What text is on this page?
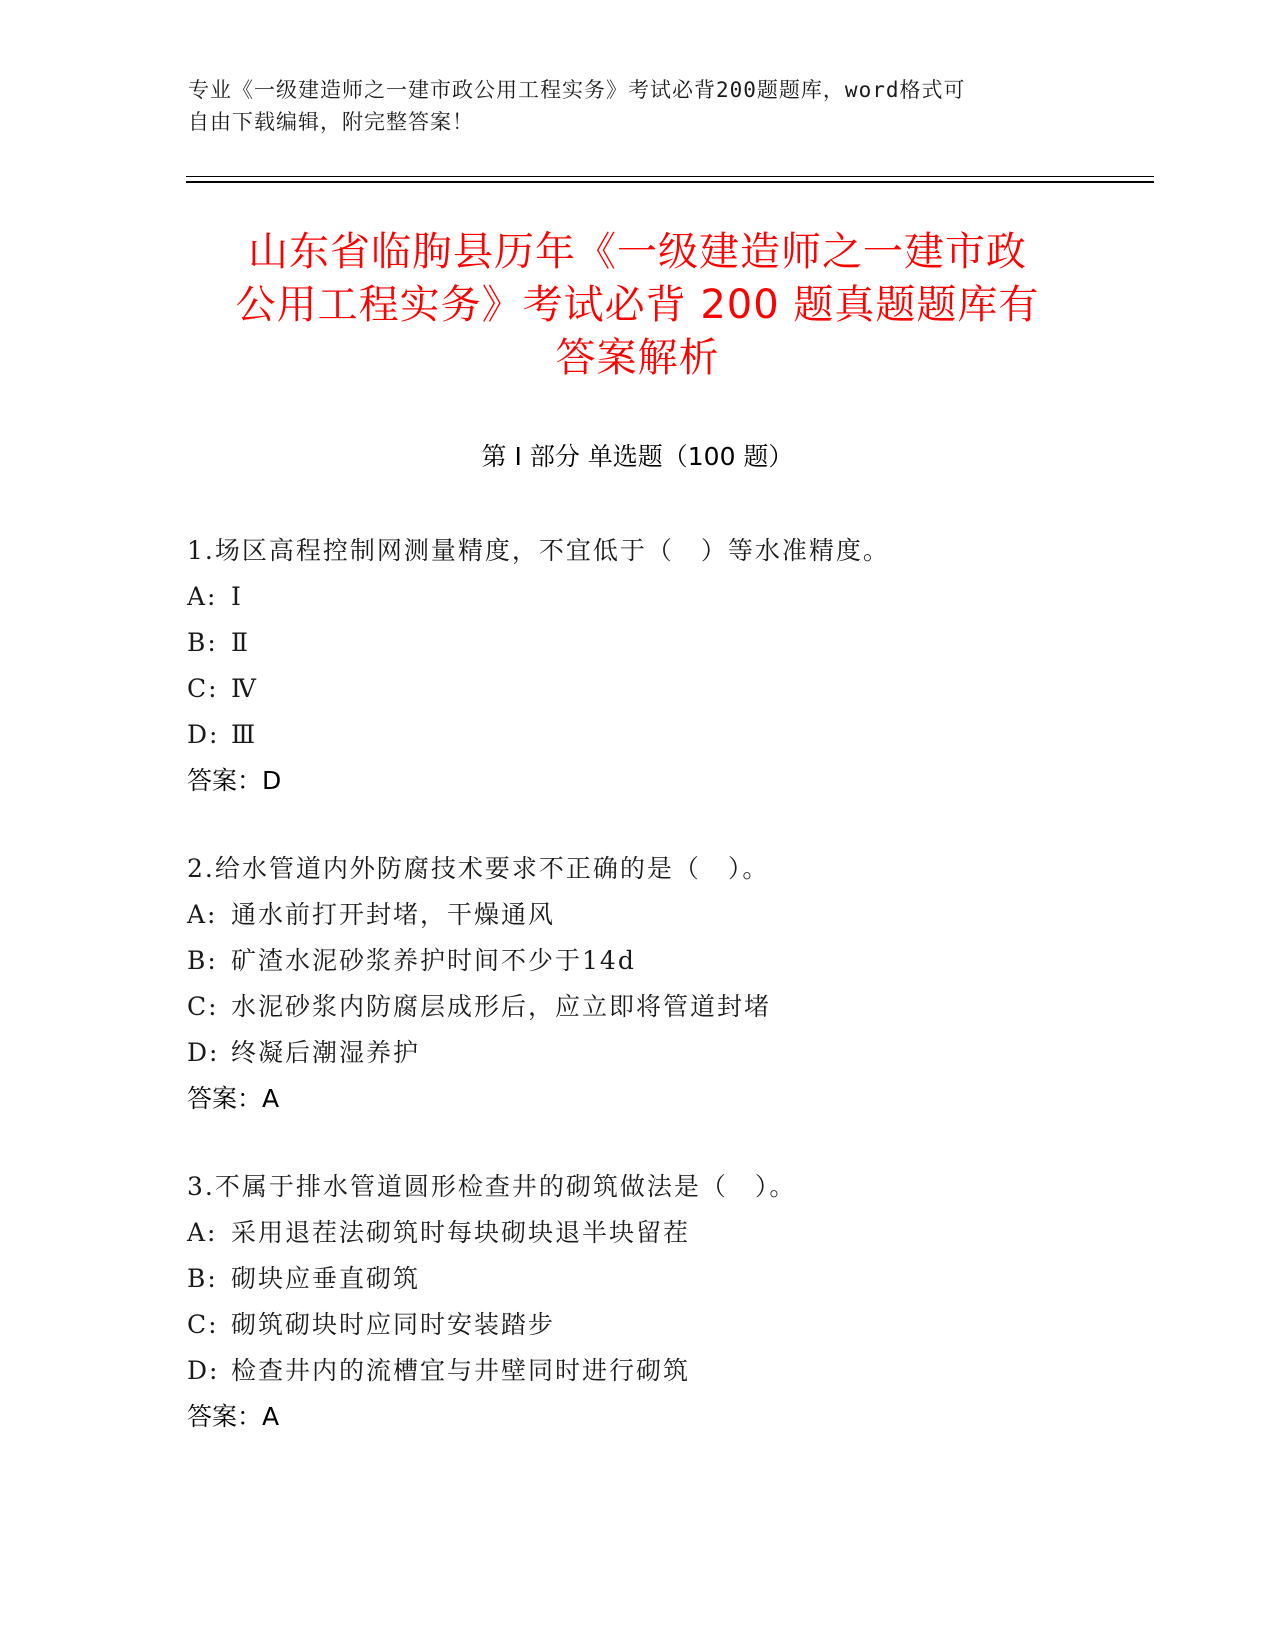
专业《一级建造师之一建市政公用工程实务》考试必背200题题库，word格式可
自由下载编辑，附完整答案！
山东省临朐县历年《一级建造师之一建市政
公用工程实务》考试必背 200 题真题题库有
答案解析
第 I 部分 单选题（100 题）
1.场区高程控制网测量精度，不宜低于（　）等水准精度。
A: Ⅰ
B: Ⅱ
C: Ⅳ
D: Ⅲ
答案：D
2.给水管道内外防腐技术要求不正确的是（　）。
A: 通水前打开封堵，干燥通风
B: 矿渣水泥砂浆养护时间不少于14d
C: 水泥砂浆内防腐层成形后，应立即将管道封堵
D: 终凝后潮湿养护
答案：A
3.不属于排水管道圆形检查井的砌筑做法是（　）。
A: 采用退茬法砌筑时每块砌块退半块留茬
B: 砌块应垂直砌筑
C: 砌筑砌块时应同时安装踏步
D: 检查井内的流槽宜与井壁同时进行砌筑
答案：A
